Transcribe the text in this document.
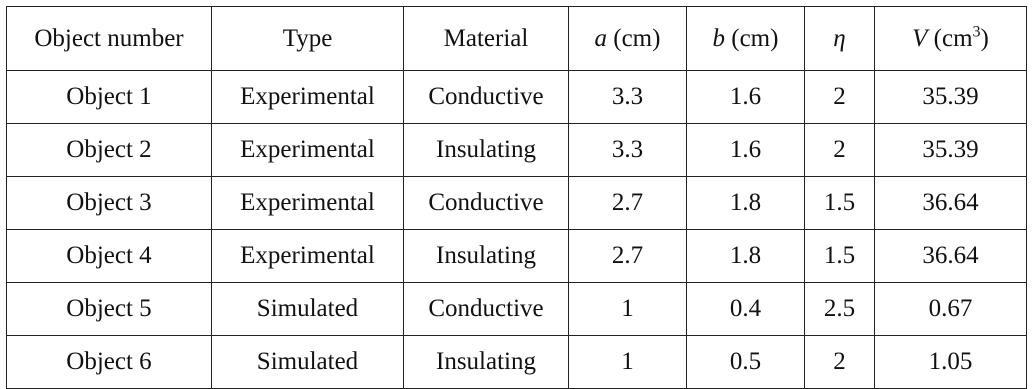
Object number	Type	Material	a (cm)	b (cm)	η	V $(cm^3)$
Object 1	Experimental	Conductive	3.3	1.6	2	35.39
Object 2	Experimental	Insulating	3.3	1.6	2	35.39
Object 3	Experimental	Conductive	2.7	1.8	1.5	36.64
Object 4	Experimental	Insulating	2.7	1.8	1.5	36.64
Object 5	Simulated	Conductive	1	0.4	2.5	0.67
Object 6	Simulated	Insulating	1	0.5	2	1.05
